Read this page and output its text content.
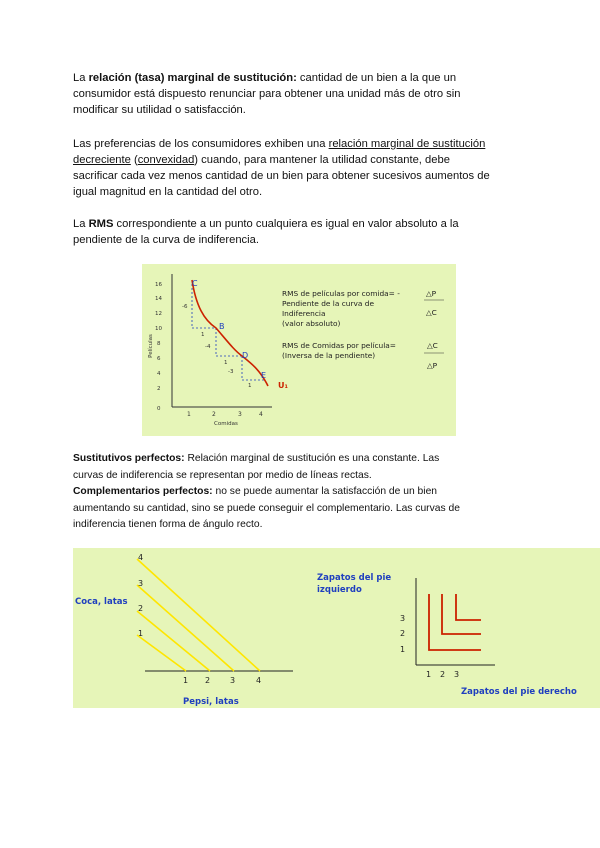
La relación (tasa) marginal de sustitución: cantidad de un bien a la que un
consumidor está dispuesto renunciar para obtener una unidad más de otro sin
modificar su utilidad o satisfacción.

Las preferencias de los consumidores exhiben una relación marginal de sustitución
decreciente (convexidad) cuando, para mantener la utilidad constante, debe
sacrificar cada vez menos cantidad de un bien para obtener sucesivos aumentos de
igual magnitud en la cantidad del otro.

La RMS correspondiente a un punto cualquiera es igual en valor absoluto a la
pendiente de la curva de indiferencia.

16
14
12
10
8
6
4
2
0
Películas
1	2	3	4
Comidas
-6
1
-4
1
-3
1
C
B
D
E
U₁
RMS de películas por comida= -
Pendiente de la curva de
Indiferencia
(valor absoluto)
△P
△C
RMS de Comidas por película=
(Inversa de la pendiente)
△C
△P

Sustitutivos perfectos: Relación marginal de sustitución es una constante. Las
curvas de indiferencia se representan por medio de líneas rectas.
Complementarios perfectos: no se puede aumentar la satisfacción de un bien
aumentando su cantidad, sino se puede conseguir el complementario. Las curvas de
indiferencia tienen forma de ángulo recto.

4
3
2
1
1 2 3	4
Coca, latas
Pepsi, latas
Zapatos del pie
izquierdo
3
2
1
1 2 3
Zapatos del pie derecho
